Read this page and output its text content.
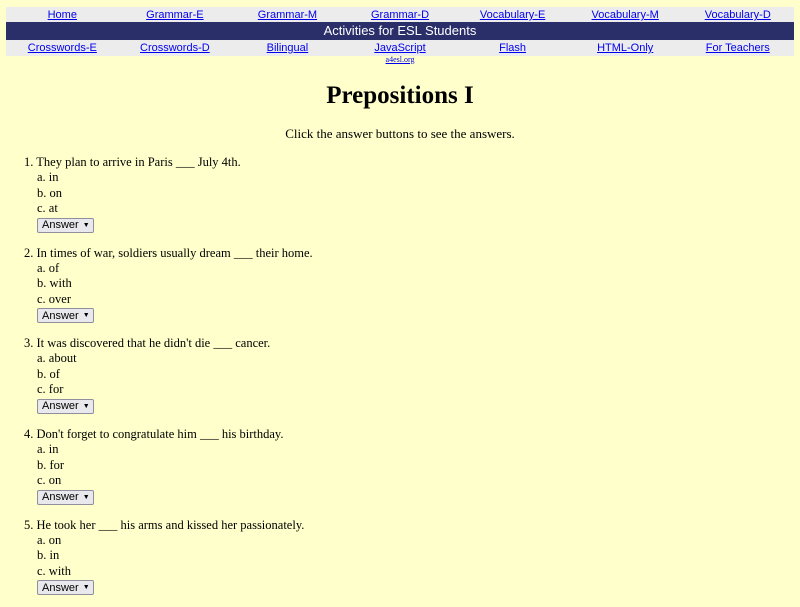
Home	Grammar-E	Grammar-M	Grammar-D	Vocabulary-E	Vocabulary-M	Vocabulary-D
Activities for ESL Students
Crosswords-E	Crosswords-D	Bilingual	JavaScript	Flash	HTML-Only	For Teachers
a4esl.org
Prepositions I
Click the answer buttons to see the answers.
1. They plan to arrive in Paris ___ July 4th.
a. in
b. on
c. at
Answer ▼
2. In times of war, soldiers usually dream ___ their home.
a. of
b. with
c. over
Answer ▼
3. It was discovered that he didn't die ___ cancer.
a. about
b. of
c. for
Answer ▼
4. Don't forget to congratulate him ___ his birthday.
a. in
b. for
c. on
Answer ▼
5. He took her ___ his arms and kissed her passionately.
a. on
b. in
c. with
Answer ▼
